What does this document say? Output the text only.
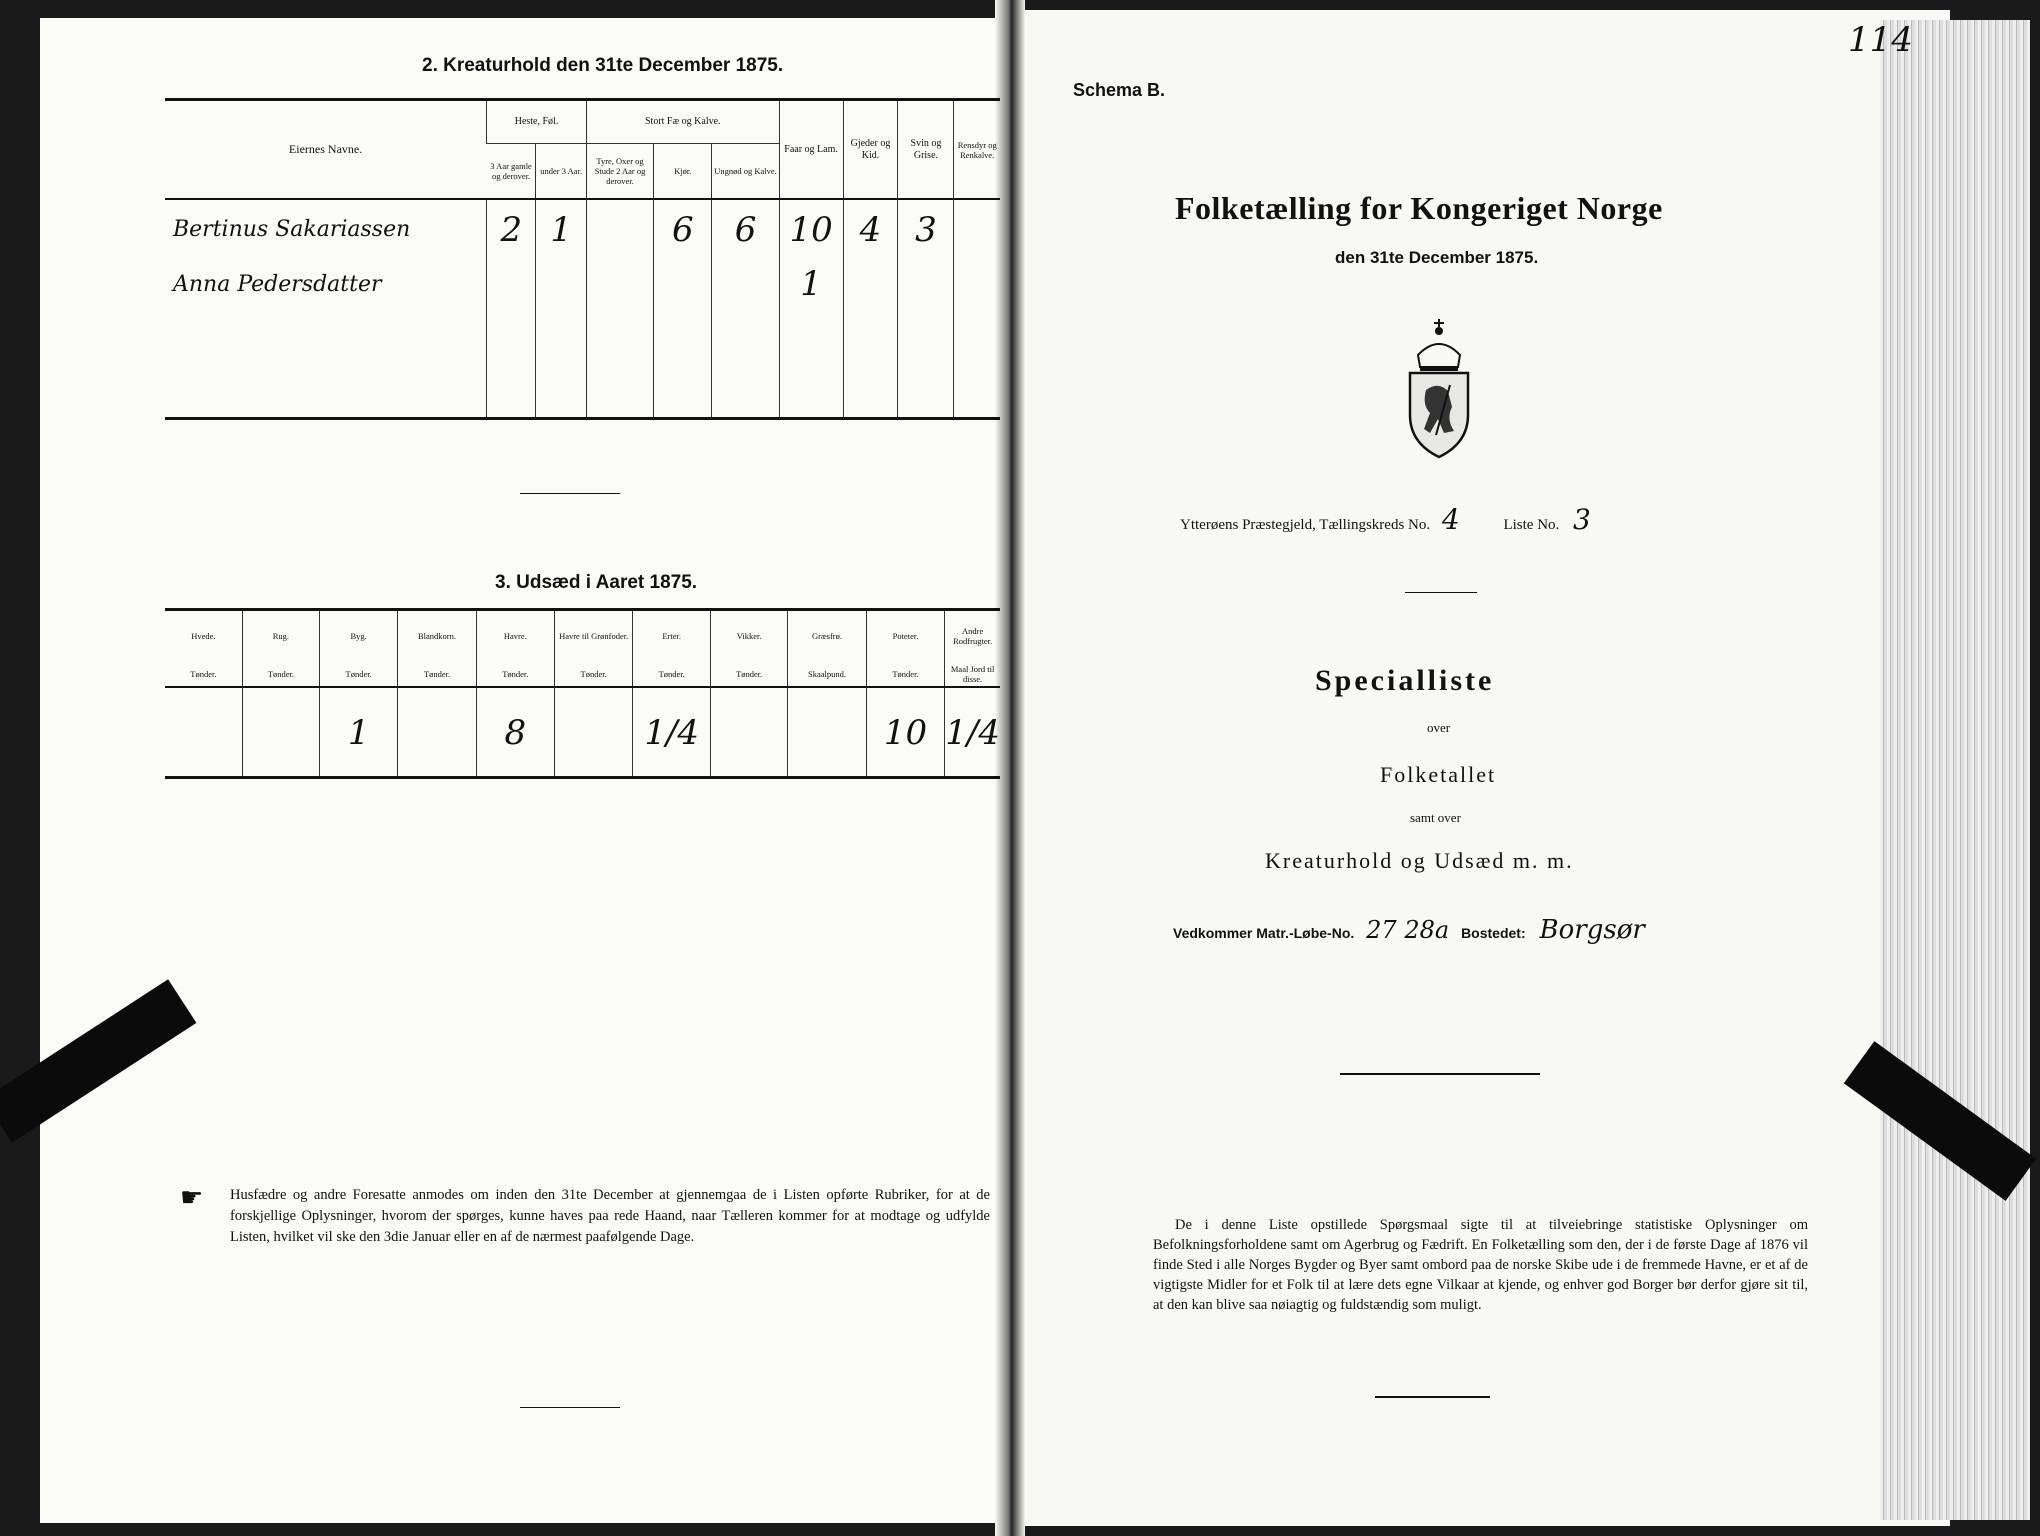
2. Kreaturhold den 31te December 1875.
Eiernes Navne.	Heste, Føl.		Stort Fæ og Kalve.			Faar og Lam.	Gjeder og Kid.	Svin og Grise.	Rensdyr og Renkalve.
	3 Aar gamle og derover.	under 3 Aar.	Tyre, Oxer og Stude 2 Aar og derover.	Kjør.	Ungnød og Kalve.				
Bertinus Sakariassen	2	1		6	6	10	4	3	
Anna Pedersdatter						1			

3. Udsæd i Aaret 1875.
Hvede.	Rug.	Byg.	Blandkorn.	Havre.	Havre til Grønfoder.	Erter.	Vikker.	Græsfrø.	Poteter.	Andre Rodfrugter.
Tønder.	Tønder.	Tønder.	Tønder.	Tønder.	Tønder.	Tønder.	Tønder.	Skaalpund.	Tønder.	Maal Jord til disse.
		1		8		1/4			10	1/4
☛ Husfædre og andre Foresatte anmodes om inden den 31te December at gjennemgaa de i Listen opførte Rubriker, for at de forskjellige Oplysninger, hvorom der spørges, kunne haves paa rede Haand, naar Tælleren kommer for at modtage og udfylde Listen, hvilket vil ske den 3die Januar eller en af de nærmest paafølgende Dage.
Schema B.
114
Folketælling for Kongeriget Norge
den 31te December 1875.
Ytterøens Præstegjeld, Tællingskreds No. 4	Liste No. 3
Specialliste
over
Folketallet
samt over
Kreaturhold og Udsæd m. m.
Vedkommer Matr.-Løbe-No. 27 28a Bostedet: Borgsør
De i denne Liste opstillede Spørgsmaal sigte til at tilveiebringe statistiske Oplysninger om Befolkningsforholdene samt om Agerbrug og Fædrift. En Folketælling som den, der i de første Dage af 1876 vil finde Sted i alle Norges Bygder og Byer samt ombord paa de norske Skibe ude i de fremmede Havne, er et af de vigtigste Midler for et Folk til at lære dets egne Vilkaar at kjende, og enhver god Borger bør derfor gjøre sit til, at den kan blive saa nøiagtig og fuldstændig som muligt.
